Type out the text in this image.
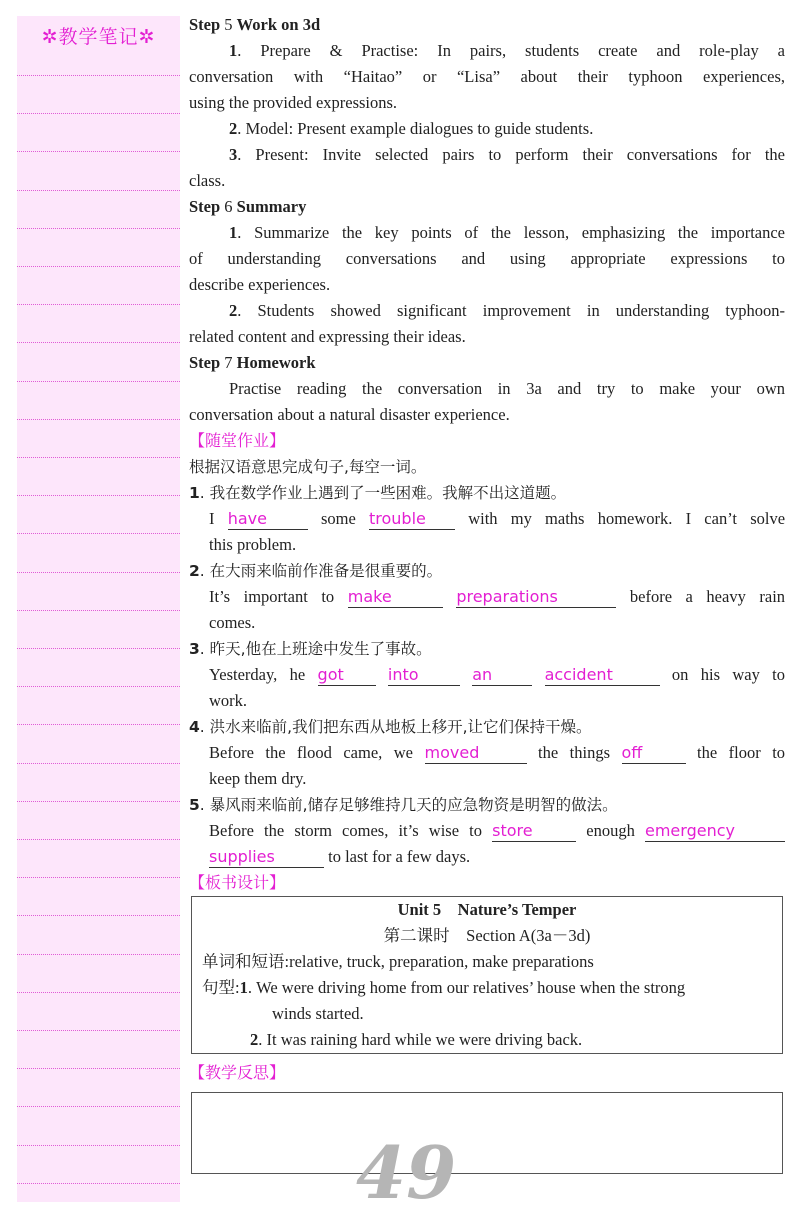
✲教学笔记✲
Step 5 Work on 3d
1. Prepare & Practise: In pairs, students create and role-play a
conversation with “Haitao” or “Lisa” about their typhoon experiences,
using the provided expressions.
2. Model: Present example dialogues to guide students.
3. Present: Invite selected pairs to perform their conversations for the
class.
Step 6 Summary
1. Summarize the key points of the lesson, emphasizing the importance
of understanding conversations and using appropriate expressions to
describe experiences.
2. Students showed significant improvement in understanding typhoon-
related content and expressing their ideas.
Step 7 Homework
Practise reading the conversation in 3a and try to make your own
conversation about a natural disaster experience.
【随堂作业】
根据汉语意思完成句子,每空一词。
1. 我在数学作业上遇到了一些困难。我解不出这道题。
I have	some trouble	with my maths homework. I can’t solve
this problem.
2. 在大雨来临前作准备是很重要的。
It’s important to make	preparations	before a heavy rain
comes.
3. 昨天,他在上班途中发生了事故。
Yesterday, he got	into	an	accident	on his way to
work.
4. 洪水来临前,我们把东西从地板上移开,让它们保持干燥。
Before the flood came, we moved	the things off	the floor to
keep them dry.
5. 暴风雨来临前,储存足够维持几天的应急物资是明智的做法。
Before the storm comes, it’s wise to store	enough emergency
supplies	to last for a few days.
【板书设计】
Unit 5 Nature’s Temper
第二课时　Section A(3a－3d)
单词和短语:relative, truck, preparation, make preparations
句型:1. We were driving home from our relatives’ house when the strong
winds started.
2. It was raining hard while we were driving back.
【教学反思】
49
